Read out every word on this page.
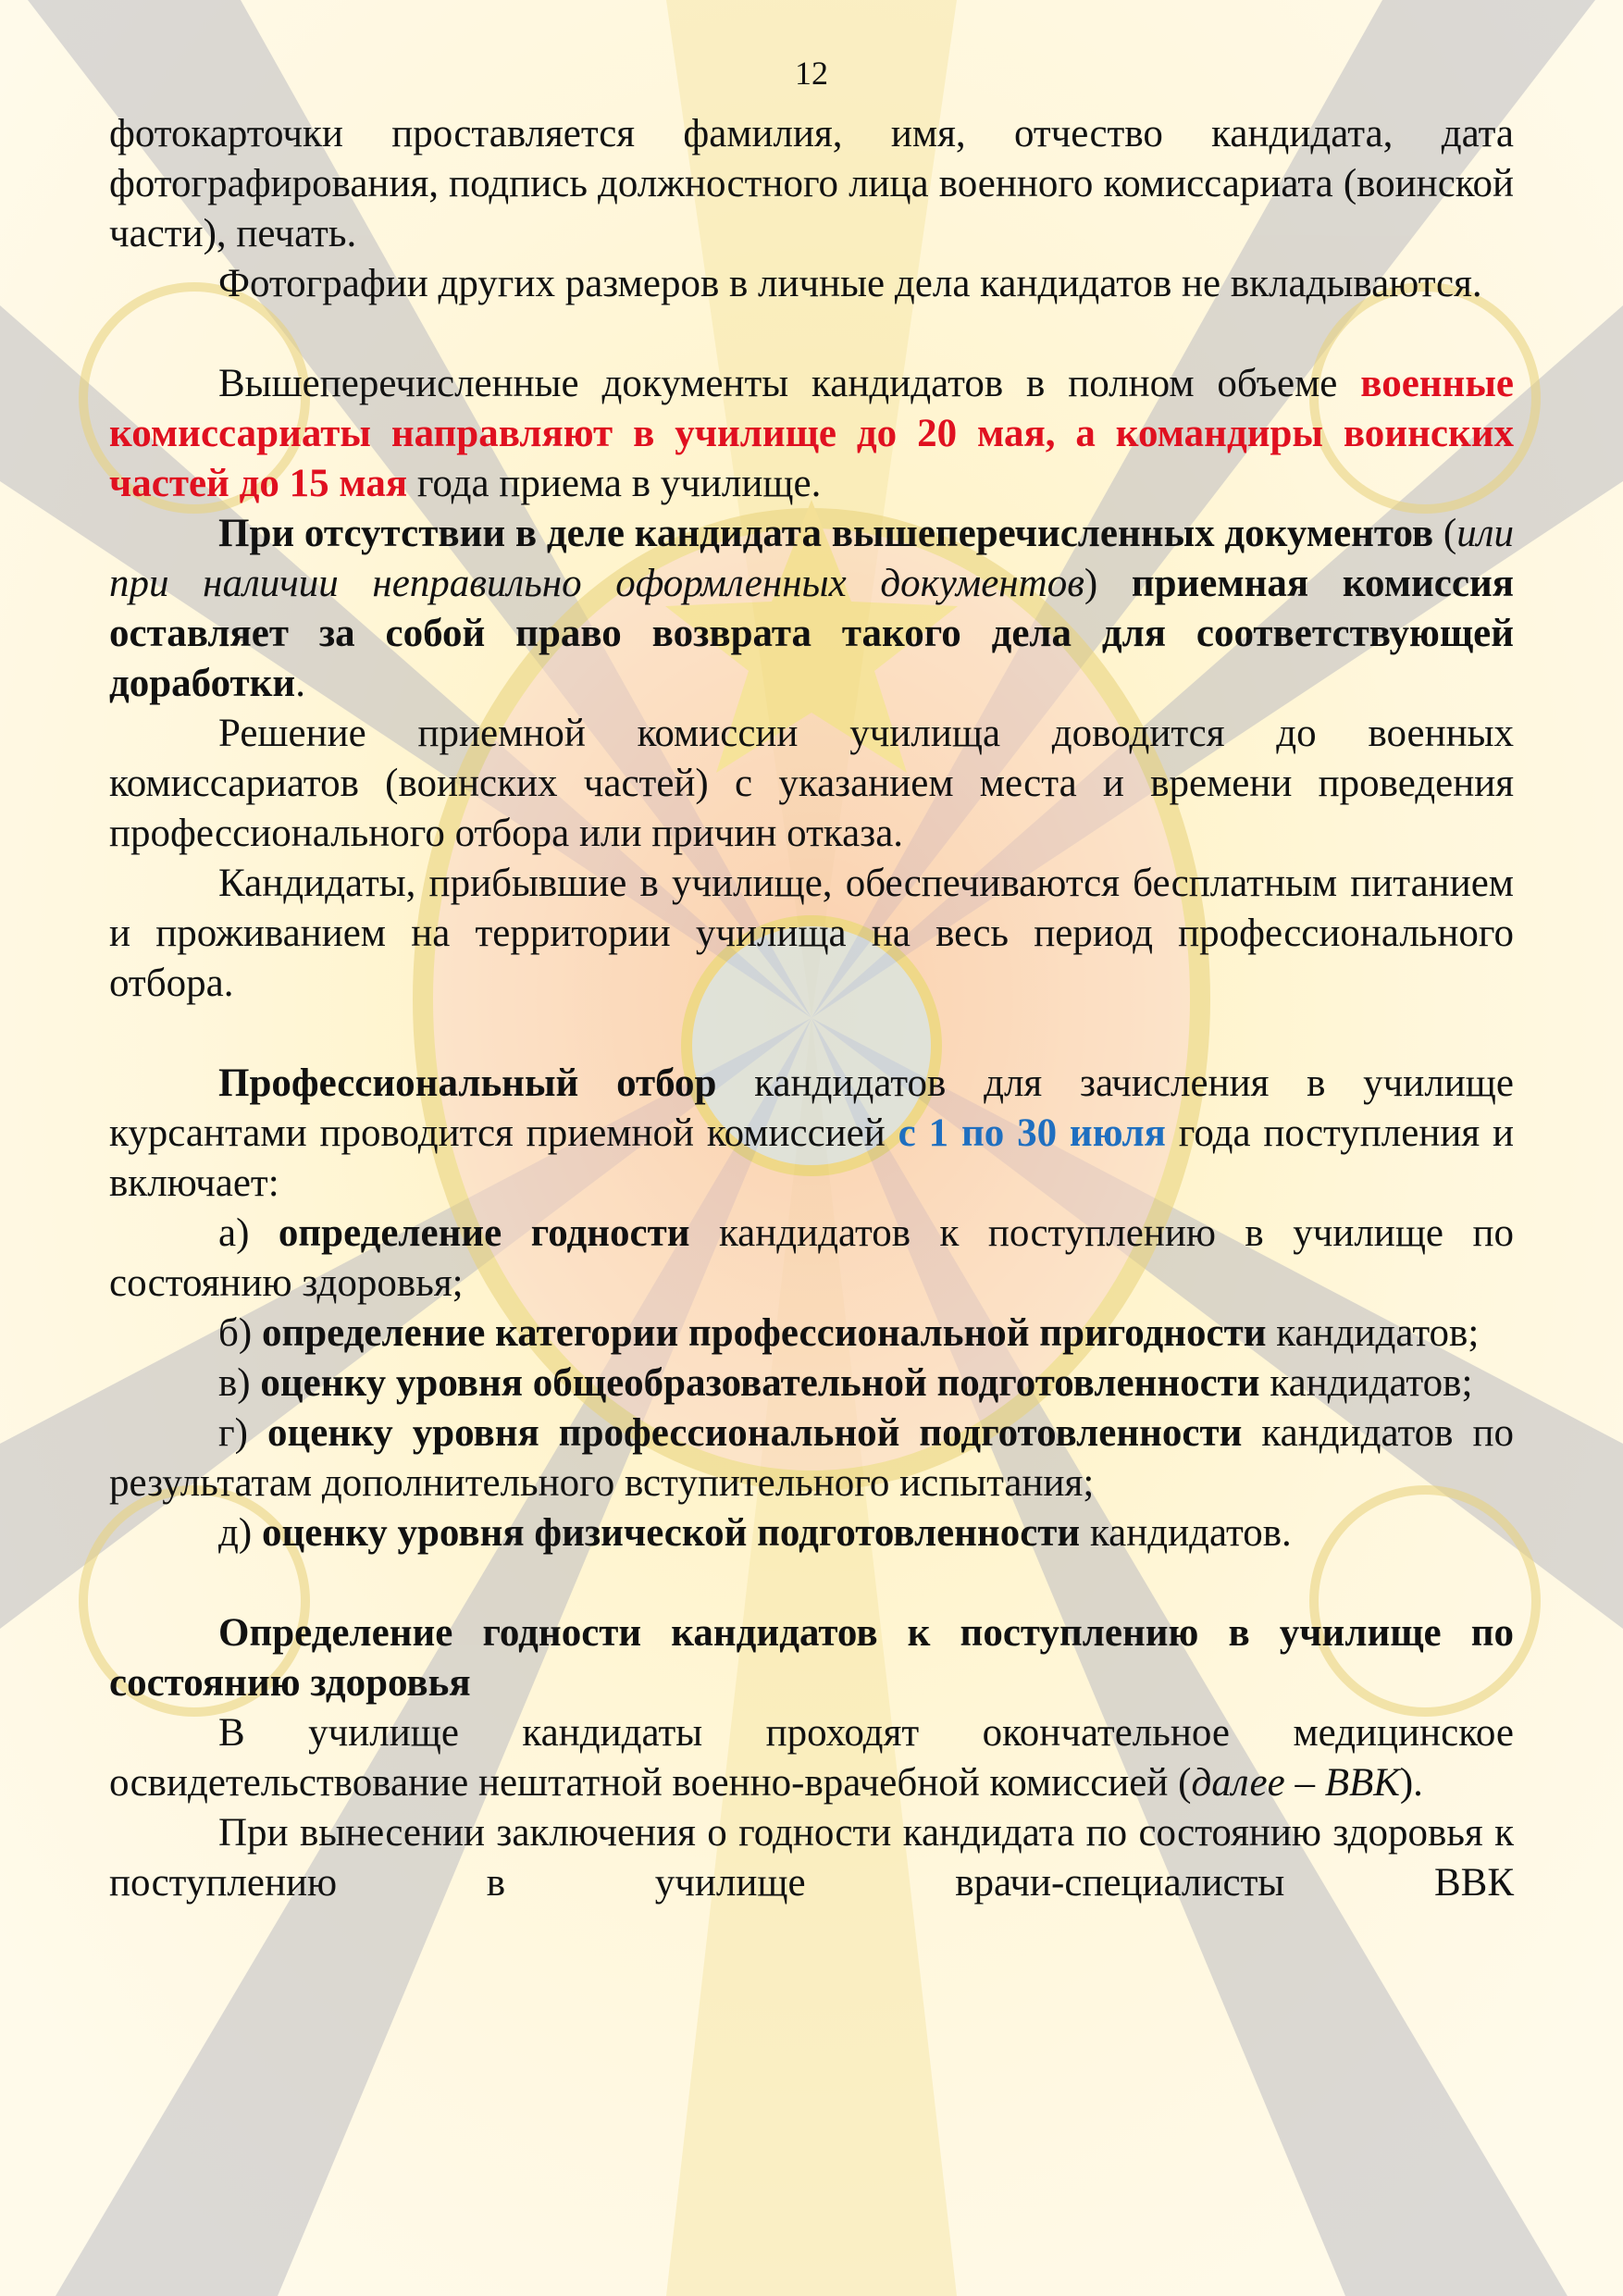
12

фотокарточки проставляется фамилия, имя, отчество кандидата, дата фотографирования, подпись должностного лица военного комиссариата (воинской части), печать.

Фотографии других размеров в личные дела кандидатов не вкладываются.

Вышеперечисленные документы кандидатов в полном объеме военные комиссариаты направляют в училище до 20 мая, а командиры воинских частей до 15 мая года приема в училище.

При отсутствии в деле кандидата вышеперечисленных документов (или при наличии неправильно оформленных документов) приемная комиссия оставляет за собой право возврата такого дела для соответствующей доработки.

Решение приемной комиссии училища доводится до военных комиссариатов (воинских частей) с указанием места и времени проведения профессионального отбора или причин отказа.

Кандидаты, прибывшие в училище, обеспечиваются бесплатным питанием и проживанием на территории училища на весь период профессионального отбора.

Профессиональный отбор кандидатов для зачисления в училище курсантами проводится приемной комиссией с 1 по 30 июля года поступления и включает:

а) определение годности кандидатов к поступлению в училище по состоянию здоровья;

б) определение категории профессиональной пригодности кандидатов;

в) оценку уровня общеобразовательной подготовленности кандидатов;

г) оценку уровня профессиональной подготовленности кандидатов по результатам дополнительного вступительного испытания;

д) оценку уровня физической подготовленности кандидатов.

Определение годности кандидатов к поступлению в училище по состоянию здоровья

В училище кандидаты проходят окончательное медицинское освидетельствование нештатной военно-врачебной комиссией (далее – ВВК).

При вынесении заключения о годности кандидата по состоянию здоровья к поступлению в училище врачи-специалисты ВВК
